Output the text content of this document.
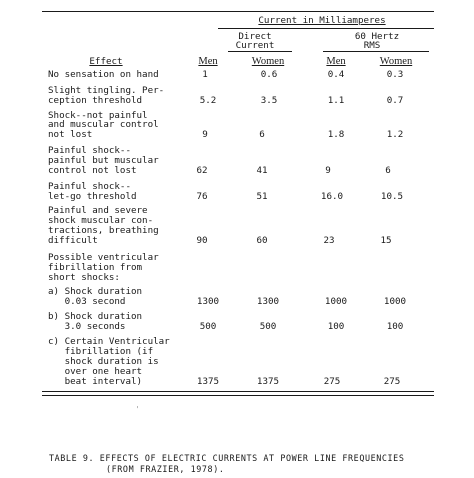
Current in Milliamperes
Direct
Current
60 Hertz
RMS
Effect	Men	Women	Men	Women
No sensation on hand	1	0.6	0.4	0.3
Slight tingling. Per-
ception threshold	5.2	3.5	1.1	0.7
Shock--not painful
and muscular control
not lost	9	6	1.8	1.2
Painful shock--
painful but muscular
control not lost	62	41	9	6
Painful shock--
let-go threshold	76	51	16.0	10.5
Painful and severe
shock muscular con-
tractions, breathing
difficult	90	60	23	15
Possible ventricular
fibrillation from
short shocks:
a) Shock duration
0.03 second	1300	1300	1000	1000
b) Shock duration
3.0 seconds	500	500	100	100
c) Certain Ventricular
fibrillation (if
shock duration is
over one heart
beat interval)	1375	1375	275	275
'
TABLE 9. EFFECTS OF ELECTRIC CURRENTS AT POWER LINE FREQUENCIES
(FROM FRAZIER, 1978).
